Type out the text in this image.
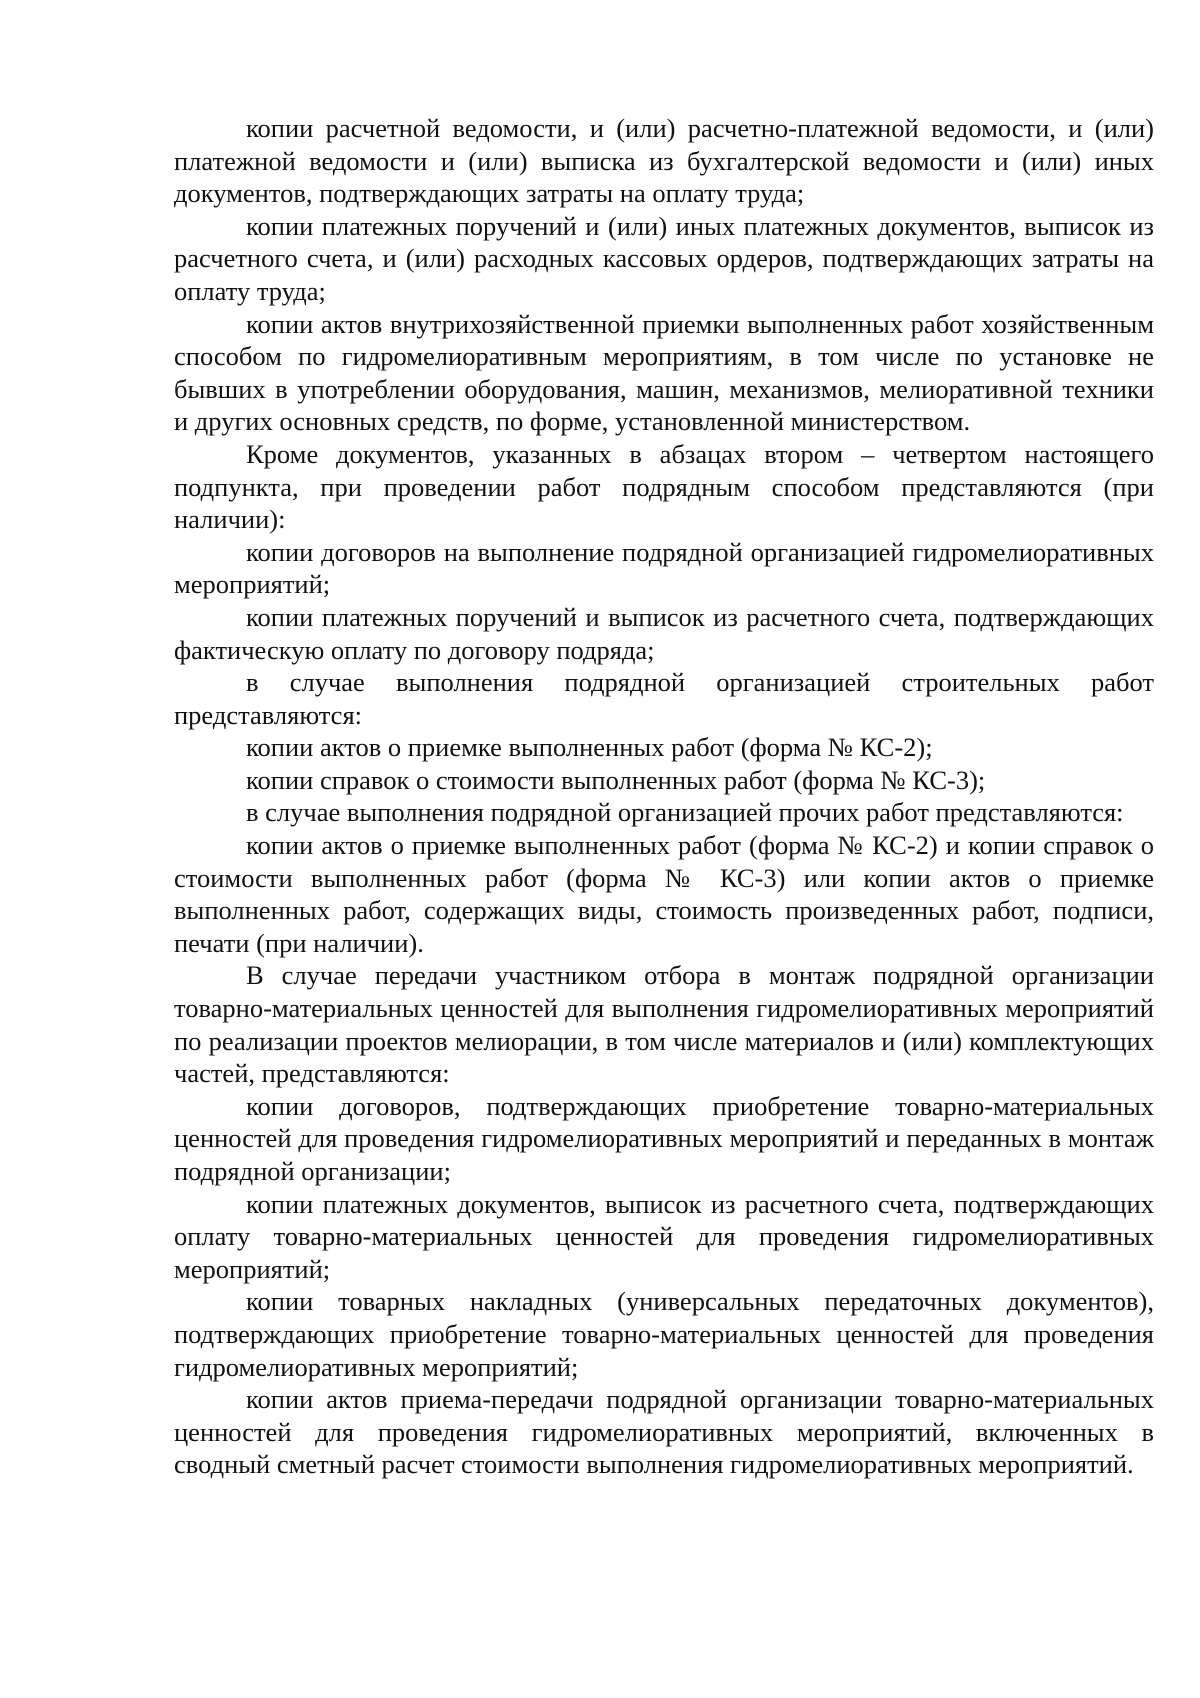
копии расчетной ведомости, и (или) расчетно-платежной ведомости, и (или) платежной ведомости и (или) выписка из бухгалтерской ведомости и (или) иных документов, подтверждающих затраты на оплату труда;

копии платежных поручений и (или) иных платежных документов, выписок из расчетного счета, и (или) расходных кассовых ордеров, подтверждающих затраты на оплату труда;

копии актов внутрихозяйственной приемки выполненных работ хозяйственным способом по гидромелиоративным мероприятиям, в том числе по установке не бывших в употреблении оборудования, машин, механизмов, мелиоративной техники и других основных средств, по форме, установленной министерством.

Кроме документов, указанных в абзацах втором – четвертом настоящего подпункта, при проведении работ подрядным способом представляются (при наличии):

копии договоров на выполнение подрядной организацией гидромелиоративных мероприятий;

копии платежных поручений и выписок из расчетного счета, подтверждающих фактическую оплату по договору подряда;

в случае выполнения подрядной организацией строительных работ представляются:

копии актов о приемке выполненных работ (форма № КС-2);

копии справок о стоимости выполненных работ (форма № КС-3);

в случае выполнения подрядной организацией прочих работ представляются:

копии актов о приемке выполненных работ (форма № КС-2) и копии справок о стоимости выполненных работ (форма № КС-3) или копии актов о приемке выполненных работ, содержащих виды, стоимость произведенных работ, подписи, печати (при наличии).

В случае передачи участником отбора в монтаж подрядной организации товарно-материальных ценностей для выполнения гидромелиоративных мероприятий по реализации проектов мелиорации, в том числе материалов и (или) комплектующих частей, представляются:

копии договоров, подтверждающих приобретение товарно-материальных ценностей для проведения гидромелиоративных мероприятий и переданных в монтаж подрядной организации;

копии платежных документов, выписок из расчетного счета, подтверждающих оплату товарно-материальных ценностей для проведения гидромелиоративных мероприятий;

копии товарных накладных (универсальных передаточных документов), подтверждающих приобретение товарно-материальных ценностей для проведения гидромелиоративных мероприятий;

копии актов приема-передачи подрядной организации товарно-материальных ценностей для проведения гидромелиоративных мероприятий, включенных в сводный сметный расчет стоимости выполнения гидромелиоративных мероприятий.
